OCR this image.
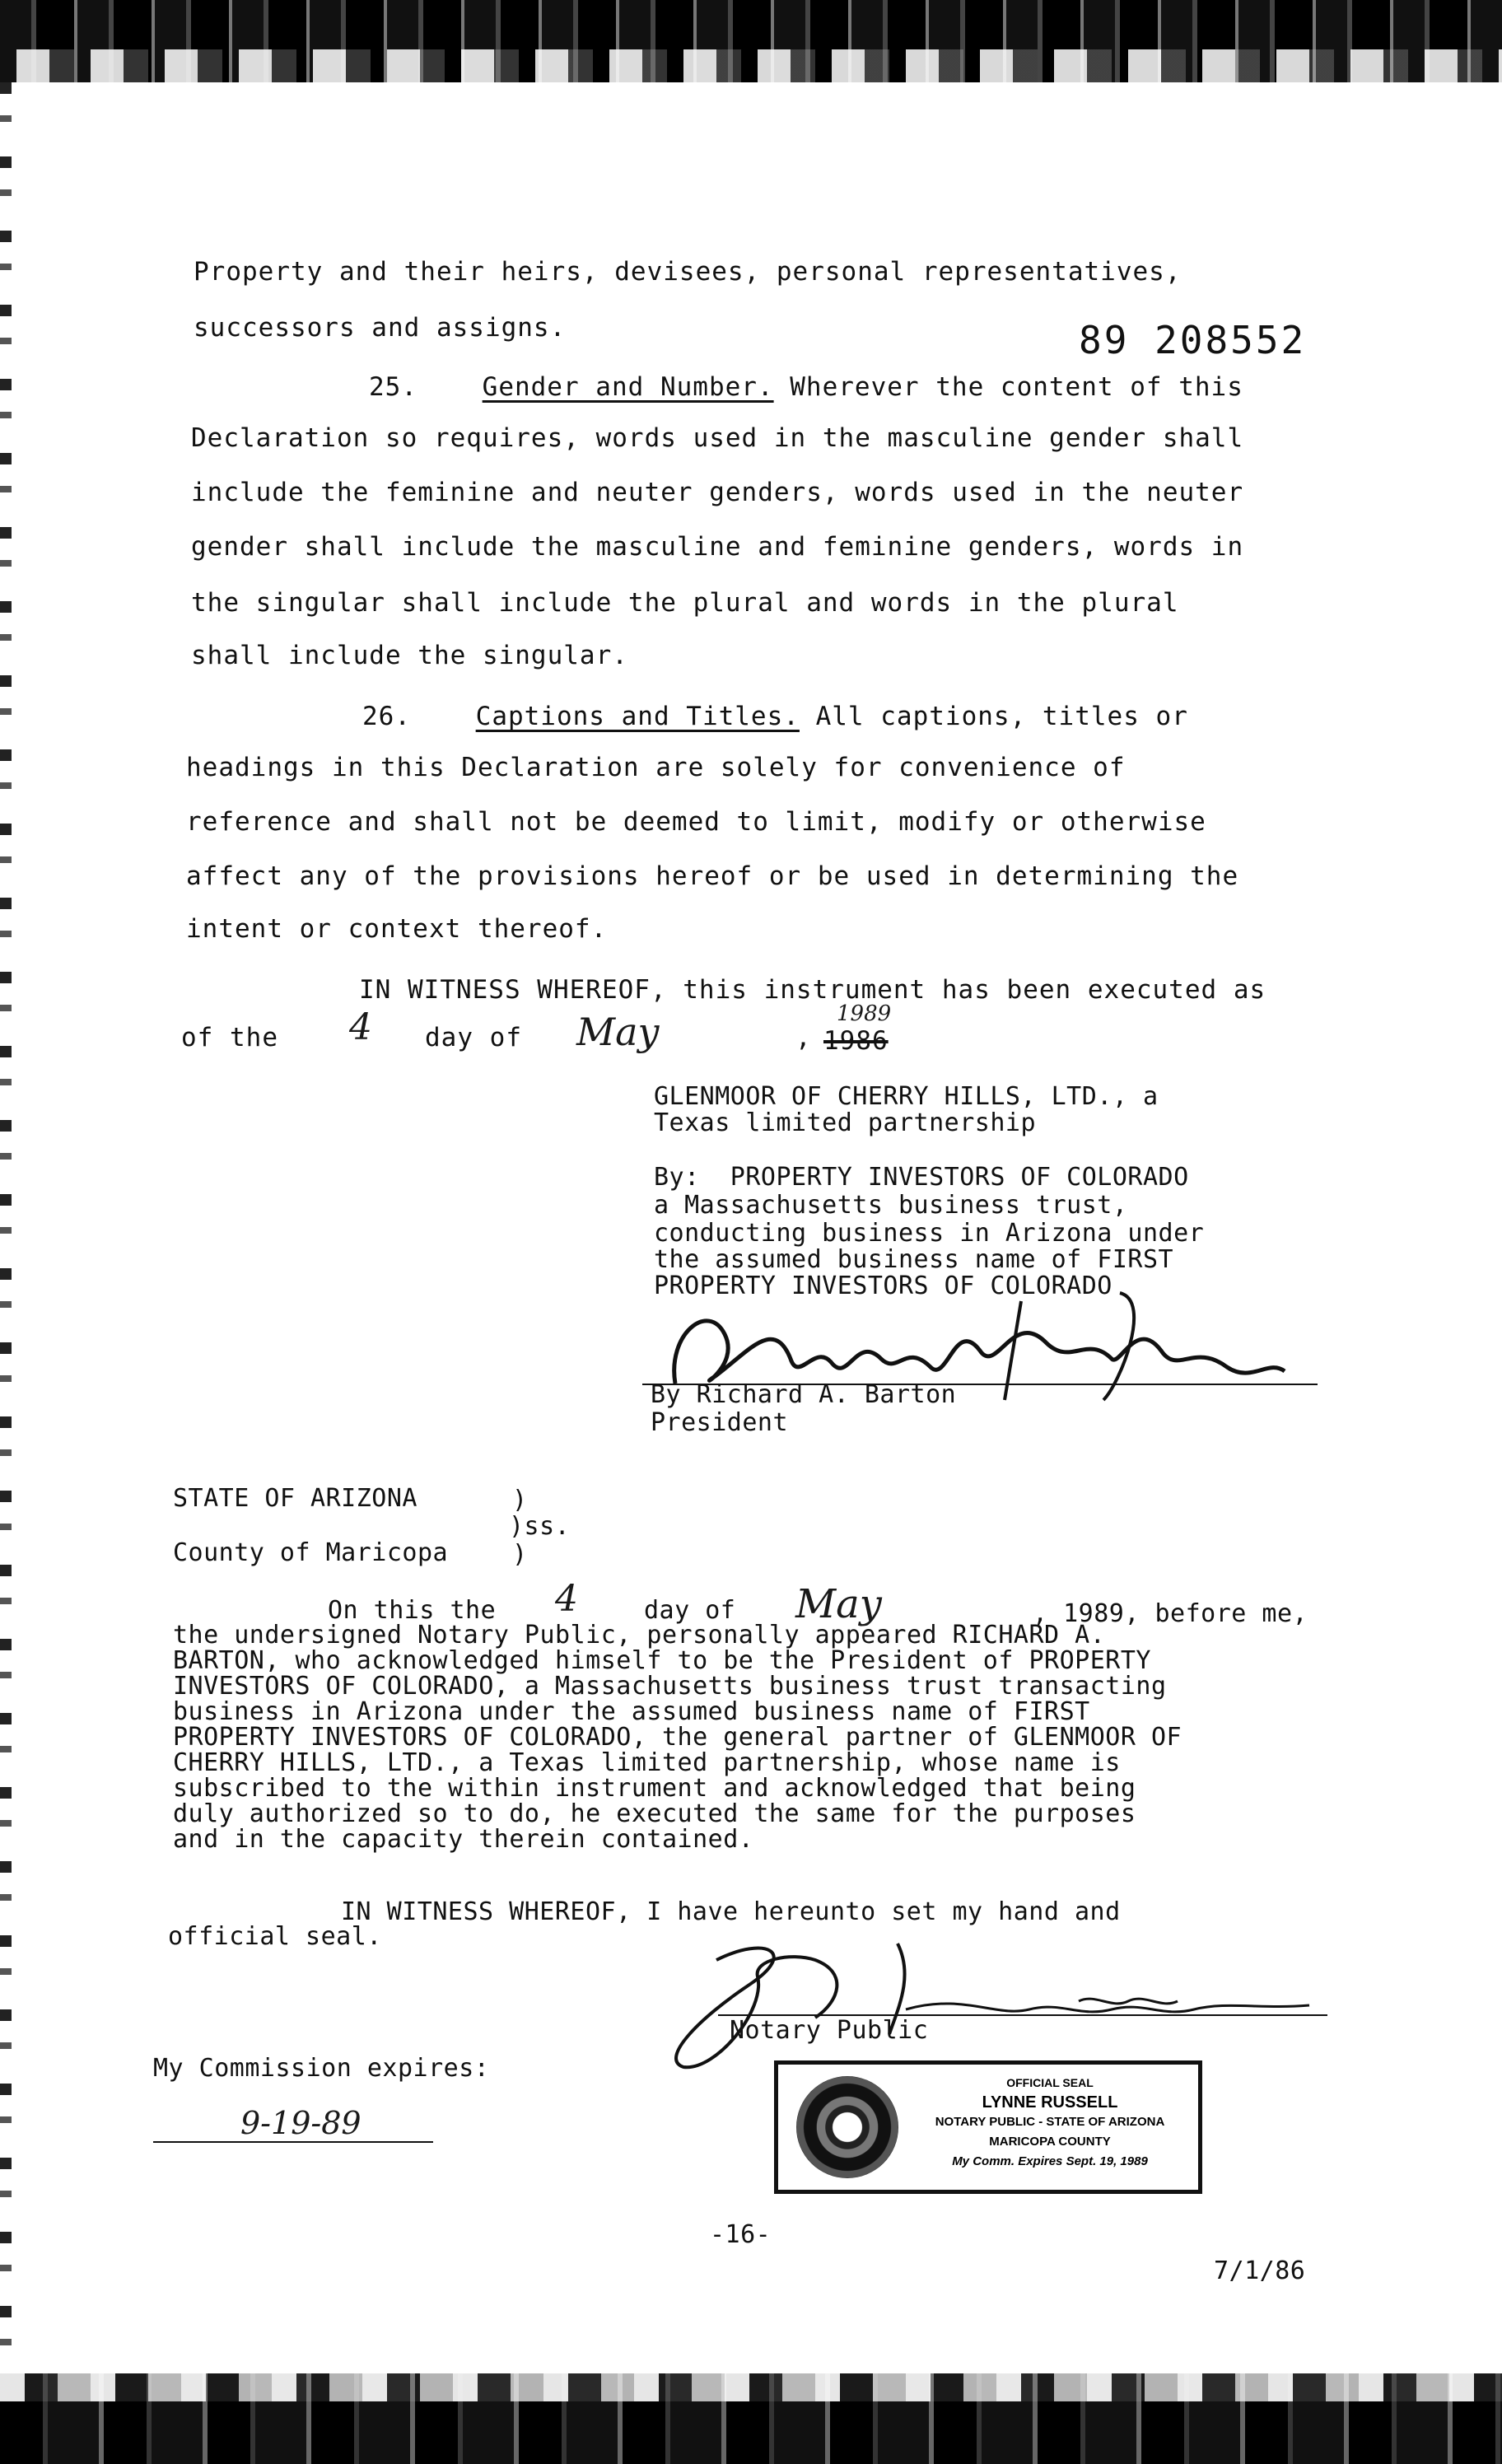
Property and their heirs, devisees, personal representatives,
successors and assigns.	89 208552
25.	Gender and Number. Wherever the content of this
Declaration so requires, words used in the masculine gender shall
include the feminine and neuter genders, words used in the neuter
gender shall include the masculine and feminine genders, words in
the singular shall include the plural and words in the plural
shall include the singular.
26.	Captions and Titles. All captions, titles or
headings in this Declaration are solely for convenience of
reference and shall not be deemed to limit, modify or otherwise
affect any of the provisions hereof or be used in determining the
intent or context thereof.
IN WITNESS WHEREOF, this instrument has been executed as
of the 4 day of May	, 1986
1989
GLENMOOR OF CHERRY HILLS, LTD., a
Texas limited partnership
By:  PROPERTY INVESTORS OF COLORADO
a Massachusetts business trust,
conducting business in Arizona under
the assumed business name of FIRST
PROPERTY INVESTORS OF COLORADO
By Richard A. Barton
President
STATE OF ARIZONA	)
)ss.
County of Maricopa	)
On this the 4	day of May	, 1989, before me,
the undersigned Notary Public, personally appeared RICHARD A.
BARTON, who acknowledged himself to be the President of PROPERTY
INVESTORS OF COLORADO, a Massachusetts business trust transacting
business in Arizona under the assumed business name of FIRST
PROPERTY INVESTORS OF COLORADO, the general partner of GLENMOOR OF
CHERRY HILLS, LTD., a Texas limited partnership, whose name is
subscribed to the within instrument and acknowledged that being
duly authorized so to do, he executed the same for the purposes
and in the capacity therein contained.
IN WITNESS WHEREOF, I have hereunto set my hand and
official seal.
Notary Public
My Commission expires:
9-19-89
OFFICIAL SEAL
LYNNE RUSSELL
NOTARY PUBLIC - STATE OF ARIZONA
MARICOPA COUNTY
My Comm. Expires Sept. 19, 1989
-16-
7/1/86
